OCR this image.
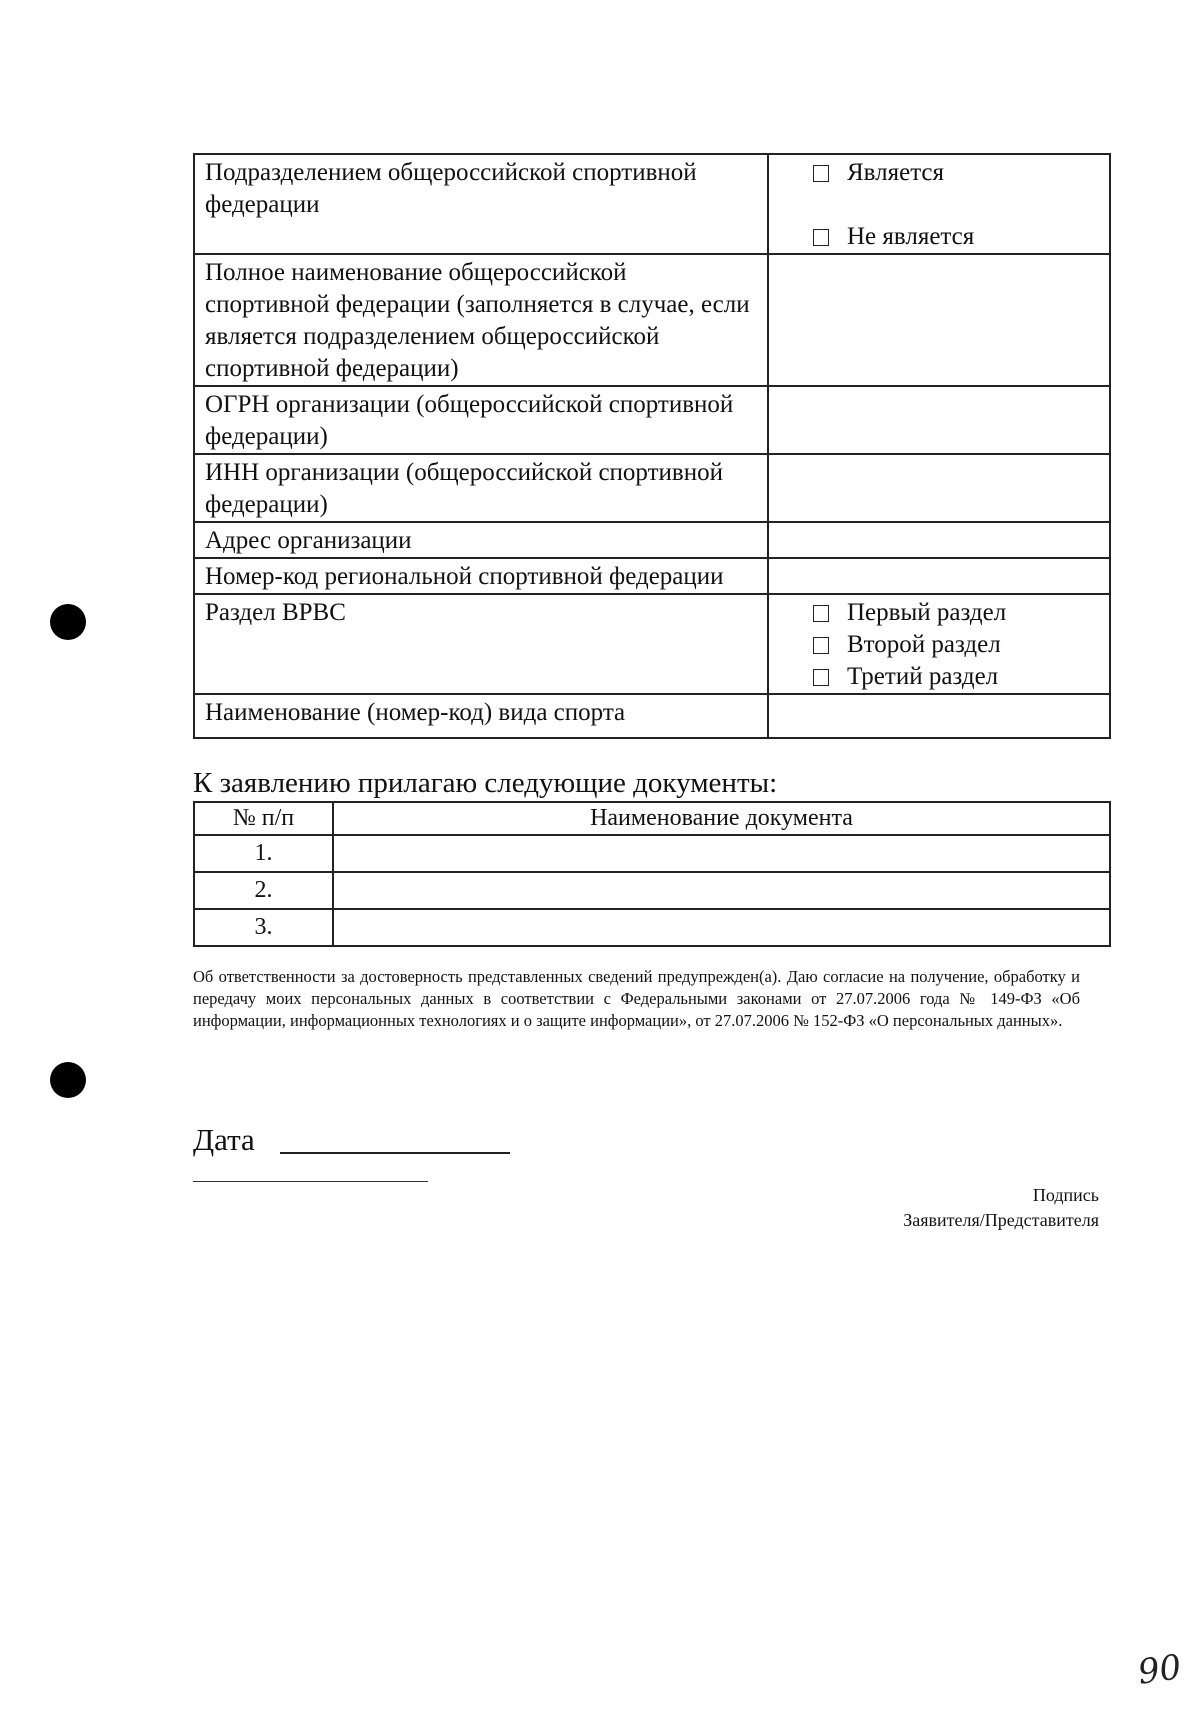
Подразделением общероссийской спортивной федерации	Является
Не является

Полное наименование общероссийской спортивной федерации (заполняется в случае, если является подразделением общероссийской спортивной федерации)	
ОГРН организации (общероссийской спортивной федерации)	
ИНН организации (общероссийской спортивной федерации)	
Адрес организации	
Номер-код региональной спортивной федерации	
Раздел ВРВС	Первый раздел
Второй раздел
Третий раздел

Наименование (номер-код) вида спорта	
К заявлению прилагаю следующие документы:
№ п/п	Наименование документа
1.	
2.	
3.	
Об ответственности за достоверность представленных сведений предупрежден(а). Даю согласие на получение, обработку и передачу моих персональных данных в соответствии с Федеральными законами от 27.07.2006 года № 149-ФЗ «Об информации, информационных технологиях и о защите информации», от 27.07.2006 № 152-ФЗ «О персональных данных».
Дата
Подпись
Заявителя/Представителя
90
